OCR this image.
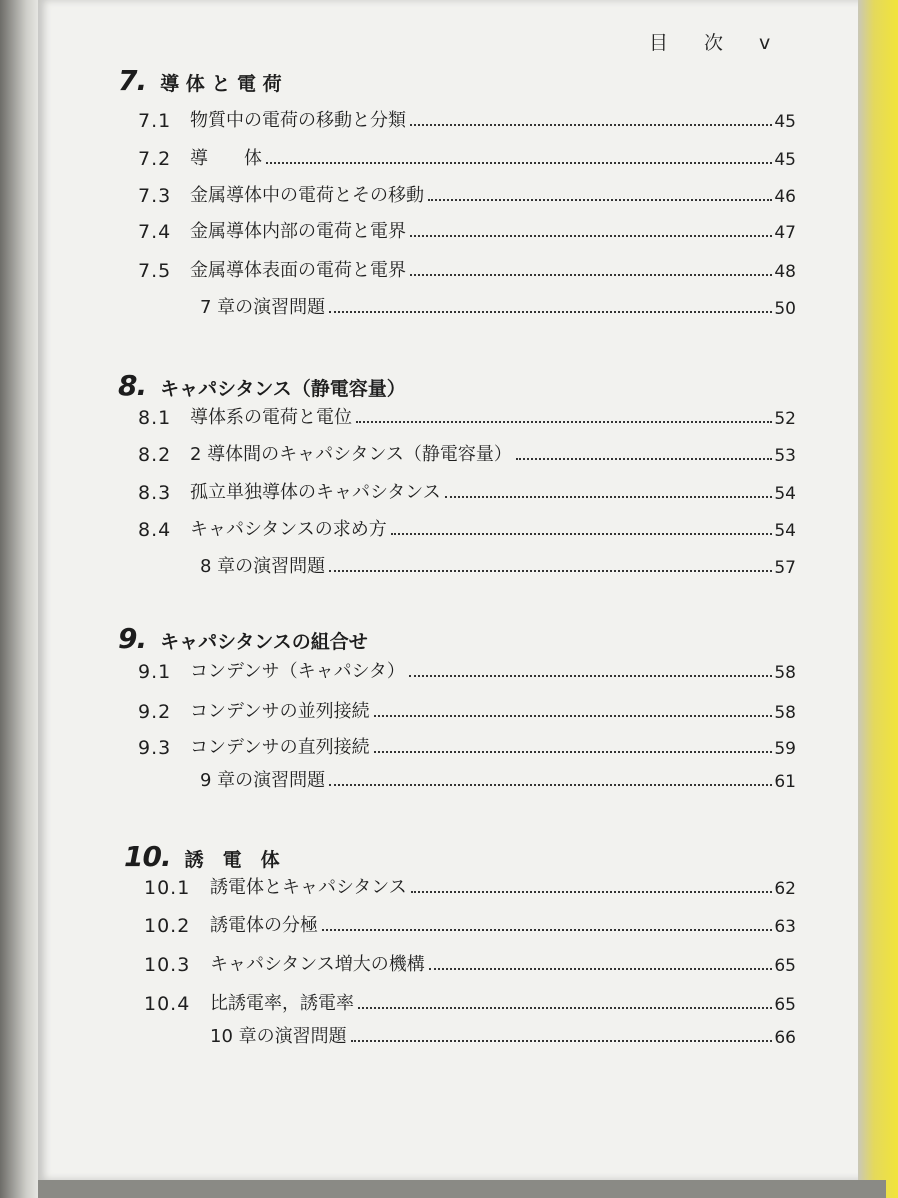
目 次 v
7. 導 体 と 電 荷
7.1	物質中の電荷の移動と分類	45
7.2	導　　体	45
7.3	金属導体中の電荷とその移動	46
7.4	金属導体内部の電荷と電界	47
7.5	金属導体表面の電荷と電界	48
7 章の演習問題	50
8. キャパシタンス（静電容量）
8.1	導体系の電荷と電位	52
8.2	2 導体間のキャパシタンス（静電容量）	53
8.3	孤立単独導体のキャパシタンス	54
8.4	キャパシタンスの求め方	54
8 章の演習問題	57
9. キャパシタンスの組合せ
9.1	コンデンサ（キャパシタ）	58
9.2	コンデンサの並列接続	58
9.3	コンデンサの直列接続	59
9 章の演習問題	61
10. 誘　電　体
10.1	誘電体とキャパシタンス	62
10.2	誘電体の分極	63
10.3	キャパシタンス増大の機構	65
10.4	比誘電率，誘電率	65
10 章の演習問題	66
